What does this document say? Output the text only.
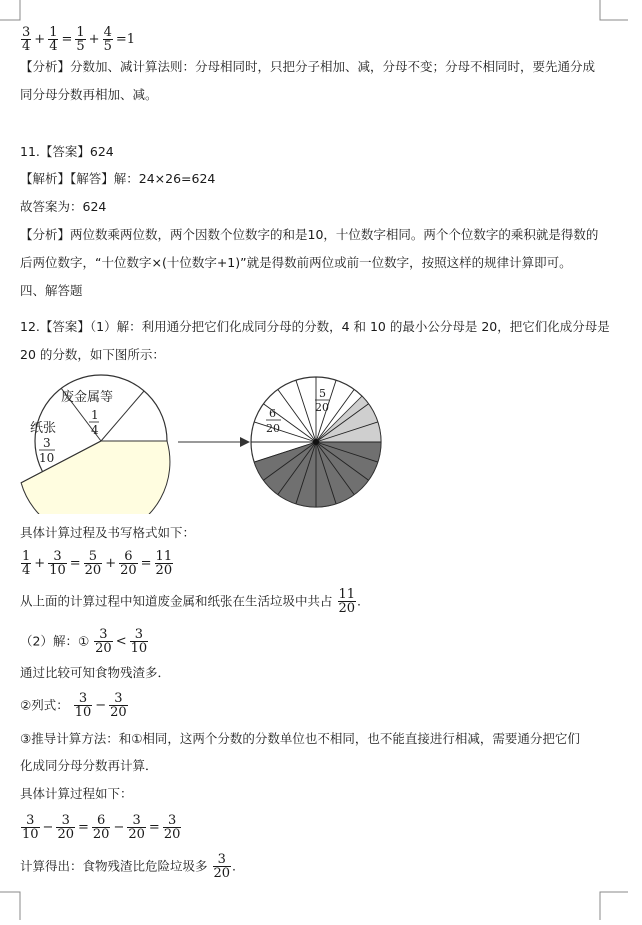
$\frac{3}{4} + \frac{1}{4} = \frac{1}{5} + \frac{4}{5} =1$
【分析】分数加、减计算法则：分母相同时，只把分子相加、减，分母不变；分母不相同时，要先通分成
同分母分数再相加、减。
11.【答案】624
【解析】【解答】解：24×26=624
故答案为：624
【分析】两位数乘两位数，两个因数个位数字的和是10，十位数字相同。两个个位数字的乘积就是得数的
后两位数字，“十位数字×(十位数字+1)”就是得数前两位或前一位数字，按照这样的规律计算即可。
四、解答题
12.【答案】（1）解：利用通分把它们化成同分母的分数，4 和 10 的最小公分母是 20，把它们化成分母是
20 的分数，如下图所示：
废金属等
1
4
纸张
3
10
5
20
6
20
具体计算过程及书写格式如下：
$\frac{1}{4} + \frac{3}{10} = \frac{5}{20} + \frac{6}{20} = \frac{11}{20}$
从上面的计算过程中知道废金属和纸张在生活垃圾中共占 $\frac{11}{20}$ .
（2）解：① $\frac{3}{20} < \frac{3}{10}$
通过比较可知食物残渣多．
②列式： $\frac{3}{10} - \frac{3}{20}$
③推导计算方法：和①相同，这两个分数的分数单位也不相同，也不能直接进行相减，需要通分把它们
化成同分母分数再计算．
具体计算过程如下：
$\frac{3}{10} - \frac{3}{20} = \frac{6}{20} - \frac{3}{20} = \frac{3}{20}$
计算得出：食物残渣比危险垃圾多 $\frac{3}{20}$ .
